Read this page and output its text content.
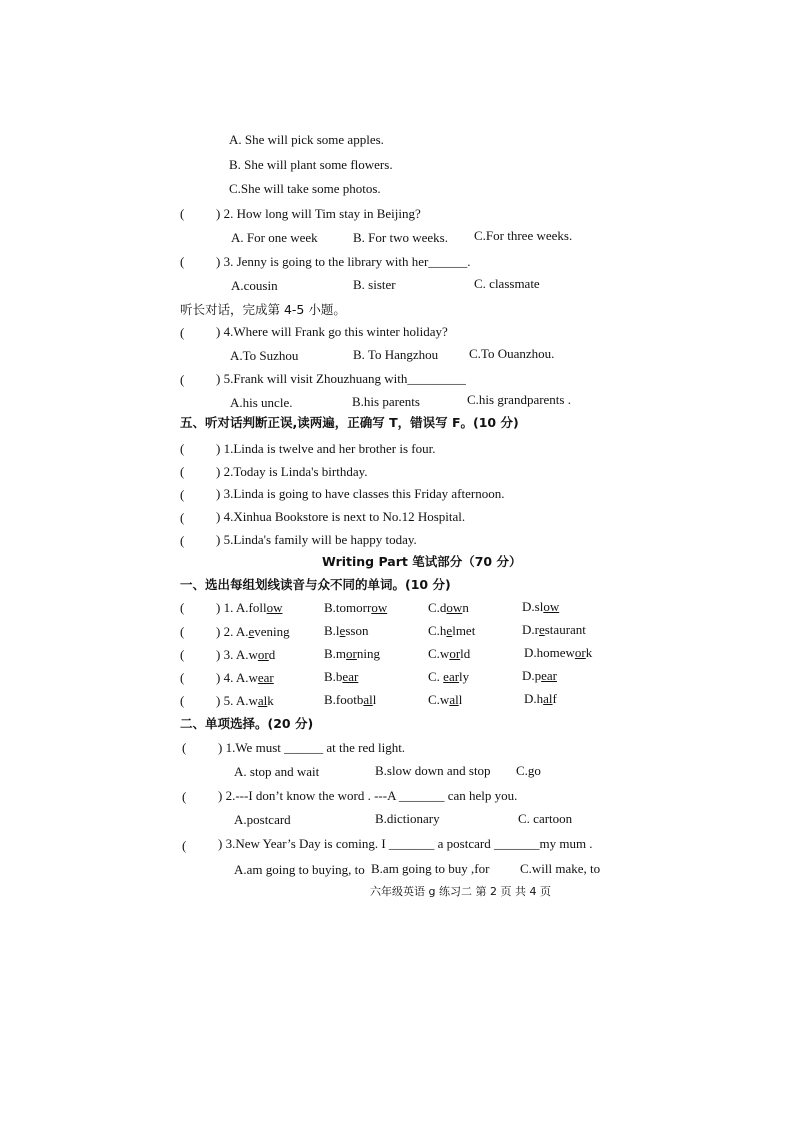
A. She will pick some apples.
B. She will plant some flowers.
C.She will take some photos.
( ) 2. How long will Tim stay in Beijing?
A. For one week	B. For two weeks. C.For three weeks.
( ) 3. Jenny is going to the library with her______.
A.cousin	B. sister	C. classmate
听长对话，完成第 4-5 小题。
( ) 4.Where will Frank go this winter holiday?
A.To Suzhou	B. To Hangzhou C.To Ouanzhou.
( ) 5.Frank will visit Zhouzhuang with_________
A.his uncle.	B.his parents	C.his grandparents .
五、听对话判断正误,读两遍，正确写 T，错误写 F。(10 分)
( ) 1.Linda is twelve and her brother is four.
( ) 2.Today is Linda's birthday.
( ) 3.Linda is going to have classes this Friday afternoon.
( ) 4.Xinhua Bookstore is next to No.12 Hospital.
( ) 5.Linda's family will be happy today.
Writing Part 笔试部分（70 分）
一、选出每组划线读音与众不同的单词。(10 分)
( ) 1. A.follow	B.tomorrow	C.down	D.slow
( ) 2. A.evening	B.lesson	C.helmet	D.restaurant
( ) 3. A.word	B.morning	C.world	D.homework
( ) 4. A.wear	B.bear	C. early	D.pear
( ) 5. A.walk	B.football	C.wall	D.half
二、单项选择。(20 分)
( ) 1.We must ______ at the red light.
A. stop and wait	B.slow down and stop C.go
( ) 2.---I don’t know the word . ---A _______ can help you.
A.postcard	B.dictionary	C. cartoon
( ) 3.New Year’s Day is coming. I _______ a postcard _______my mum .
A.am going to buying, to B.am going to buy ,for C.will make, to
六年级英语 g 练习二 第 2 页 共 4 页
